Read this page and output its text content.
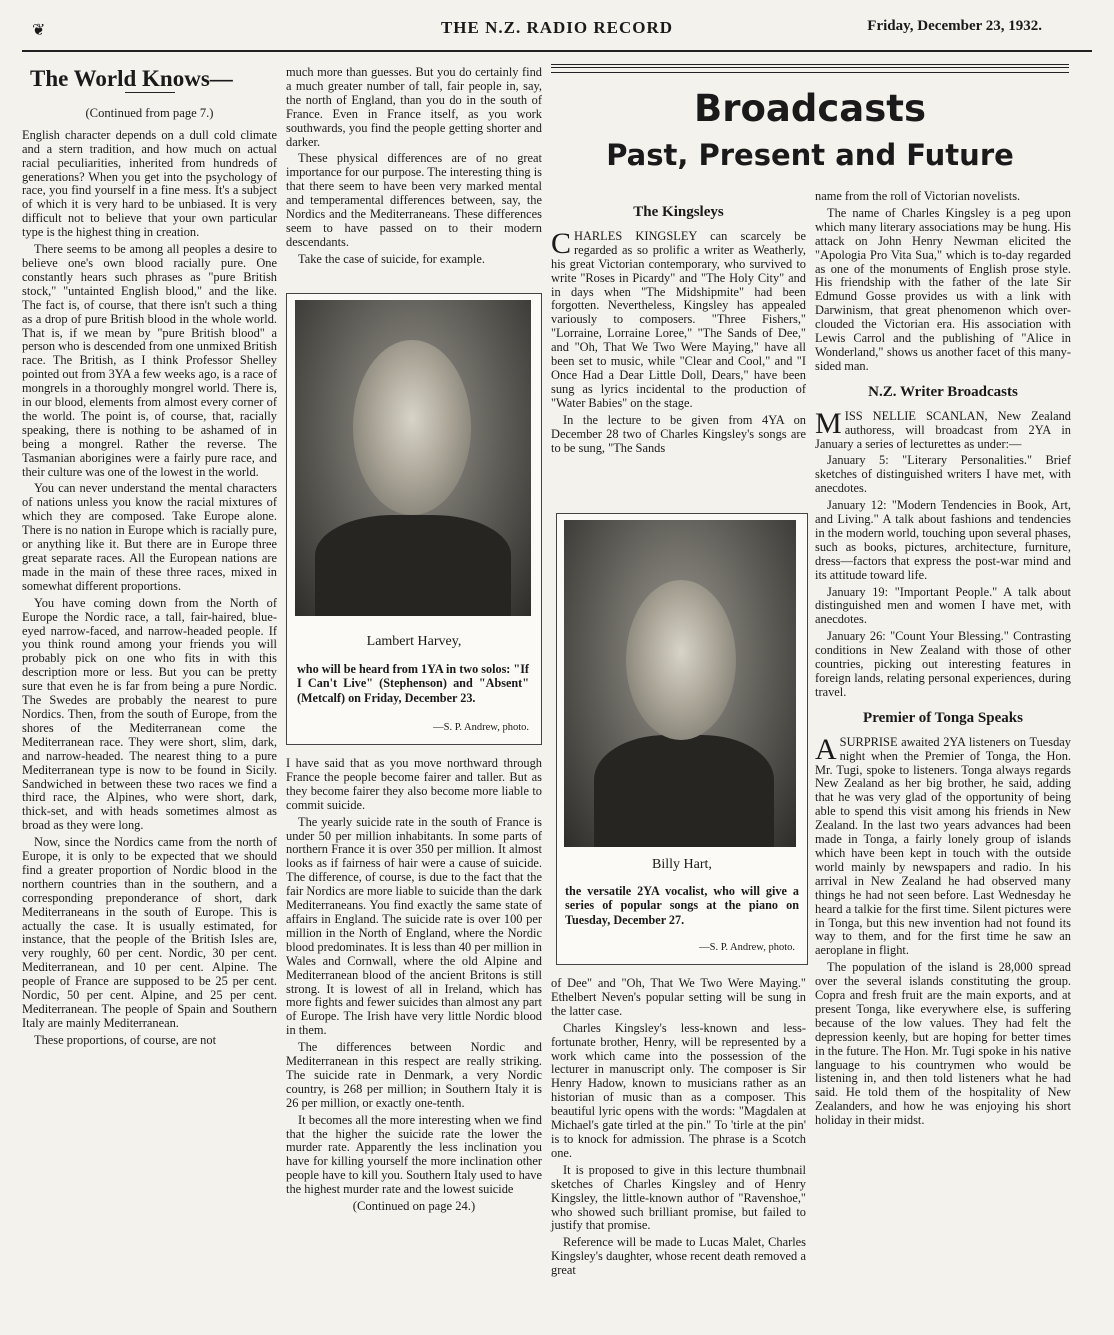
❦	THE N.Z. RADIO RECORD	Friday, December 23, 1932.
The World Knows—
(Continued from page 7.)

English character depends on a dull cold climate and a stern tradition, and how much on actual racial peculiarities, inherited from hundreds of generations? When you get into the psychology of race, you find yourself in a fine mess. It's a subject of which it is very hard to be unbiased. It is very difficult not to believe that your own particular type is the highest thing in creation.

There seems to be among all peoples a desire to believe one's own blood racially pure. One constantly hears such phrases as "pure British stock," "untainted English blood," and the like. The fact is, of course, that there isn't such a thing as a drop of pure British blood in the whole world. That is, if we mean by "pure British blood" a person who is descended from one unmixed British race. The British, as I think Professor Shelley pointed out from 3YA a few weeks ago, is a race of mongrels in a thoroughly mongrel world. There is, in our blood, elements from almost every corner of the world. The point is, of course, that, racially speaking, there is nothing to be ashamed of in being a mongrel. Rather the reverse. The Tasmanian aborigines were a fairly pure race, and their culture was one of the lowest in the world.

You can never understand the mental characters of nations unless you know the racial mixtures of which they are composed. Take Europe alone. There is no nation in Europe which is racially pure, or anything like it. But there are in Europe three great separate races. All the European nations are made in the main of these three races, mixed in somewhat different proportions.

You have coming down from the North of Europe the Nordic race, a tall, fair-haired, blue-eyed narrow-faced, and narrow-headed people. If you think round among your friends you will probably pick on one who fits in with this description more or less. But you can be pretty sure that even he is far from being a pure Nordic. The Swedes are probably the nearest to pure Nordics. Then, from the south of Europe, from the shores of the Mediterranean come the Mediterranean race. They were short, slim, dark, and narrow-headed. The nearest thing to a pure Mediterranean type is now to be found in Sicily. Sandwiched in between these two races we find a third race, the Alpines, who were short, dark, thick-set, and with heads sometimes almost as broad as they were long.

Now, since the Nordics came from the north of Europe, it is only to be expected that we should find a greater proportion of Nordic blood in the northern countries than in the southern, and a corresponding preponderance of short, dark Mediterraneans in the south of Europe. This is actually the case. It is usually estimated, for instance, that the people of the British Isles are, very roughly, 60 per cent. Nordic, 30 per cent. Mediterranean, and 10 per cent. Alpine. The people of France are supposed to be 25 per cent. Nordic, 50 per cent. Alpine, and 25 per cent. Mediterranean. The people of Spain and Southern Italy are mainly Mediterranean.

These proportions, of course, are not

much more than guesses. But you do certainly find a much greater number of tall, fair people in, say, the north of England, than you do in the south of France. Even in France itself, as you work southwards, you find the people getting shorter and darker.

These physical differences are of no great importance for our purpose. The interesting thing is that there seem to have been very marked mental and temperamental differences between, say, the Nordics and the Mediterraneans. These differences seem to have passed on to their modern descendants.

Take the case of suicide, for example.

Lambert Harvey,
who will be heard from 1YA in two solos: "If I Can't Live" (Stephenson) and "Absent" (Metcalf) on Friday, December 23.
—S. P. Andrew, photo.

I have said that as you move northward through France the people become fairer and taller. But as they become fairer they also become more liable to commit suicide.

The yearly suicide rate in the south of France is under 50 per million inhabitants. In some parts of northern France it is over 350 per million. It almost looks as if fairness of hair were a cause of suicide. The difference, of course, is due to the fact that the fair Nordics are more liable to suicide than the dark Mediterraneans. You find exactly the same state of affairs in England. The suicide rate is over 100 per million in the North of England, where the Nordic blood predominates. It is less than 40 per million in Wales and Cornwall, where the old Alpine and Mediterranean blood of the ancient Britons is still strong. It is lowest of all in Ireland, which has more fights and fewer suicides than almost any part of Europe. The Irish have very little Nordic blood in them.

The differences between Nordic and Mediterranean in this respect are really striking. The suicide rate in Denmark, a very Nordic country, is 268 per million; in Southern Italy it is 26 per million, or exactly one-tenth.

It becomes all the more interesting when we find that the higher the suicide rate the lower the murder rate. Apparently the less inclination you have for killing yourself the more inclination other people have to kill you. Southern Italy used to have the highest murder rate and the lowest suicide

(Continued on page 24.)
Broadcasts
Past, Present and Future
The Kingsleys

CHARLES KINGSLEY can scarcely be regarded as so prolific a writer as Weatherly, his great Victorian contemporary, who survived to write "Roses in Picardy" and "The Holy City" and in days when "The Midshipmite" had been forgotten. Nevertheless, Kingsley has appealed variously to composers. "Three Fishers," "Lorraine, Lorraine Loree," "The Sands of Dee," and "Oh, That We Two Were Maying," have all been set to music, while "Clear and Cool," and "I Once Had a Dear Little Doll, Dears," have been sung as lyrics incidental to the production of "Water Babies" on the stage.

In the lecture to be given from 4YA on December 28 two of Charles Kingsley's songs are to be sung, "The Sands

Billy Hart,
the versatile 2YA vocalist, who will give a series of popular songs at the piano on Tuesday, December 27.
—S. P. Andrew, photo.

of Dee" and "Oh, That We Two Were Maying." Ethelbert Neven's popular setting will be sung in the latter case.

Charles Kingsley's less-known and less-fortunate brother, Henry, will be represented by a work which came into the possession of the lecturer in manuscript only. The composer is Sir Henry Hadow, known to musicians rather as an historian of music than as a composer. This beautiful lyric opens with the words: "Magdalen at Michael's gate tirled at the pin." To 'tirle at the pin' is to knock for admission. The phrase is a Scotch one.

It is proposed to give in this lecture thumbnail sketches of Charles Kingsley and of Henry Kingsley, the little-known author of "Ravenshoe," who showed such brilliant promise, but failed to justify that promise.

Reference will be made to Lucas Malet, Charles Kingsley's daughter, whose recent death removed a great

name from the roll of Victorian novelists.

The name of Charles Kingsley is a peg upon which many literary associations may be hung. His attack on John Henry Newman elicited the "Apologia Pro Vita Sua," which is to-day regarded as one of the monuments of English prose style. His friendship with the father of the late Sir Edmund Gosse provides us with a link with Darwinism, that great phenomenon which over-clouded the Victorian era. His association with Lewis Carrol and the publishing of "Alice in Wonderland," shows us another facet of this many-sided man.

N.Z. Writer Broadcasts

MISS NELLIE SCANLAN, New Zealand authoress, will broadcast from 2YA in January a series of lecturettes as under:—

January 5: "Literary Personalities." Brief sketches of distinguished writers I have met, with anecdotes.

January 12: "Modern Tendencies in Book, Art, and Living." A talk about fashions and tendencies in the modern world, touching upon several phases, such as books, pictures, architecture, furniture, dress—factors that express the post-war mind and its attitude toward life.

January 19: "Important People." A talk about distinguished men and women I have met, with anecdotes.

January 26: "Count Your Blessing." Contrasting conditions in New Zealand with those of other countries, picking out interesting features in foreign lands, relating personal experiences, during travel.

Premier of Tonga Speaks

ASURPRISE awaited 2YA listeners on Tuesday night when the Premier of Tonga, the Hon. Mr. Tugi, spoke to listeners. Tonga always regards New Zealand as her big brother, he said, adding that he was very glad of the opportunity of being able to spend this visit among his friends in New Zealand. In the last two years advances had been made in Tonga, a fairly lonely group of islands which have been kept in touch with the outside world mainly by newspapers and radio. In his arrival in New Zealand he had observed many things he had not seen before. Last Wednesday he heard a talkie for the first time. Silent pictures were in Tonga, but this new invention had not found its way to them, and for the first time he saw an aeroplane in flight.

The population of the island is 28,000 spread over the several islands constituting the group. Copra and fresh fruit are the main exports, and at present Tonga, like everywhere else, is suffering because of the low values. They had felt the depression keenly, but are hoping for better times in the future. The Hon. Mr. Tugi spoke in his native language to his countrymen who would be listening in, and then told listeners what he had said. He told them of the hospitality of New Zealanders, and how he was enjoying his short holiday in their midst.
